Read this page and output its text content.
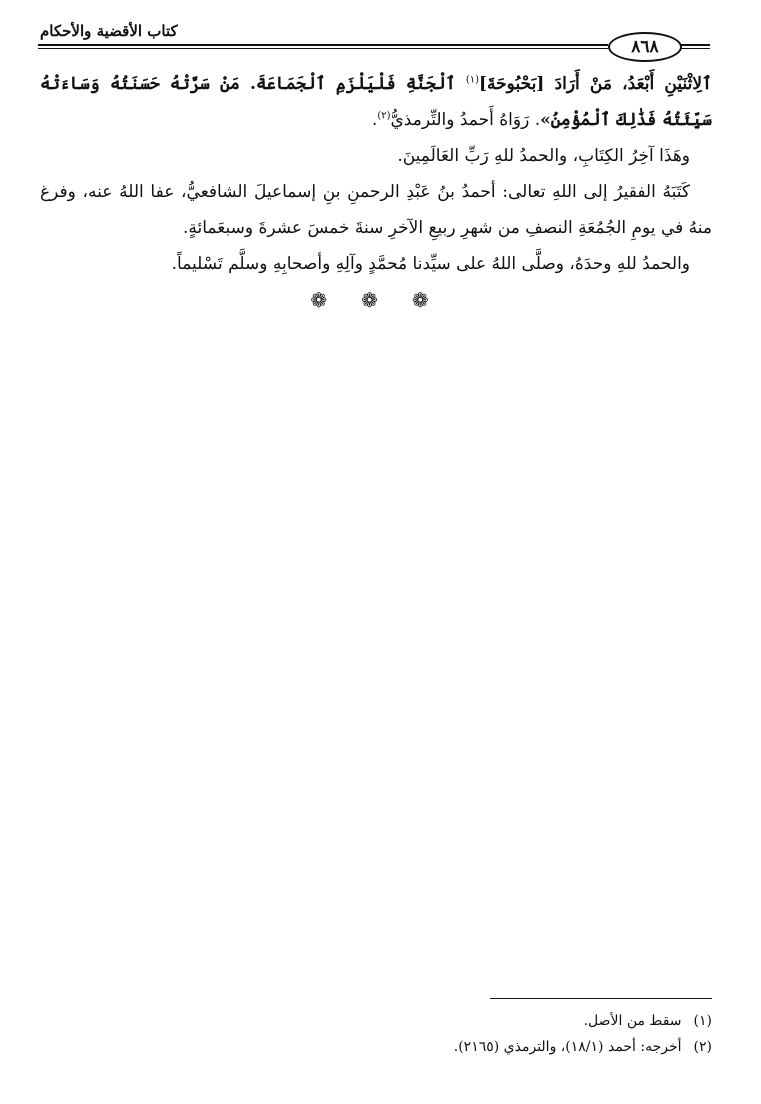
كتاب الأقضية والأحكام
٨٦٨

ٱلِاثْنَيْنِ أَبْعَدُ، مَنْ أَرَادَ [بَحْبُوحَةَ]$^{(١)}$ ٱلْجَنَّةِ فَلْيَلْزَمِ ٱلْجَمَاعَةَ. مَنْ سَرَّتْهُ حَسَنَتُهُ وَسَاءَتْهُ سَيِّئَتُهُ فَذَٰلِكَ ٱلْمُؤْمِنُ». رَوَاهُ أَحمدُ والتِّرمذيُّ$^{(٢)}$.

وهَذَا آخِرُ الكِتَابِ، والحمدُ للهِ رَبِّ العَالَمِينَ.

كَتَبَهُ الفقيرُ إلى اللهِ تعالى: أحمدُ بنُ عَبْدِ الرحمنِ بنِ إسماعيلَ الشافعيُّ، عفا اللهُ عنه، وفرغ منهُ في يومِ الجُمُعَةِ النصفِ من شهرِ ربيعِ الآخرِ سنةَ خمسَ عشرةَ وسبعَمائةٍ.

والحمدُ للهِ وحدَهُ، وصلَّى اللهُ على سيِّدنا مُحمَّدٍ وآلِهِ وأصحابِهِ وسلَّم تَسْليماً.

❁ ❁ ❁

(١) سقط من الأصل.

(٢) أخرجه: أحمد (١٨/١)، والترمذي (٢١٦٥).
